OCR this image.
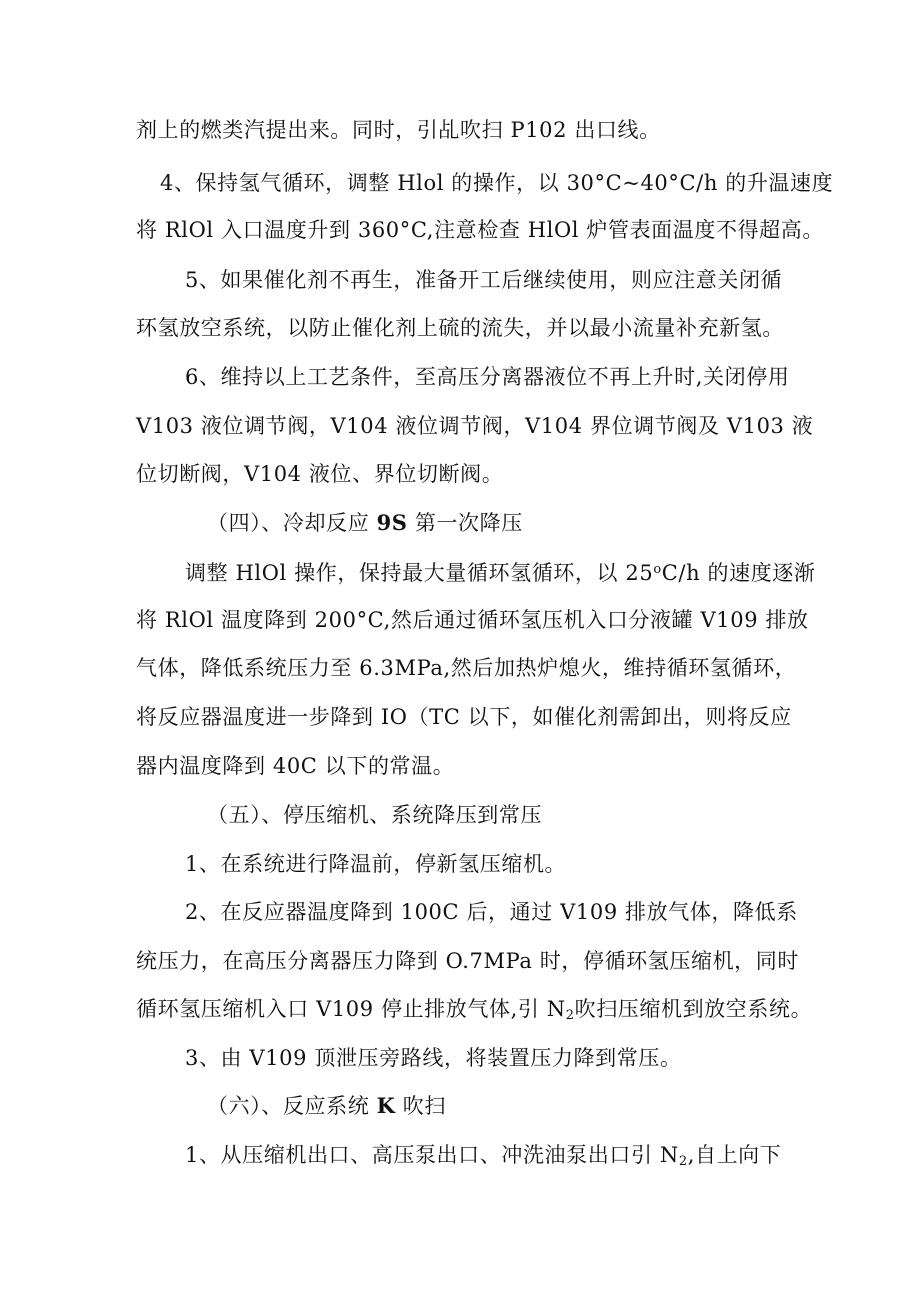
剂上的燃类汽提出来。同时，引乩吹扫 P102 出口线。
4、保持氢气循环，调整 Hlol 的操作，以 30°C~40°C/h 的升温速度
将 RlOl 入口温度升到 360°C,注意检查 HlOl 炉管表面温度不得超高。
5、如果催化剂不再生，准备开工后继续使用，则应注意关闭循
环氢放空系统，以防止催化剂上硫的流失，并以最小流量补充新氢。
6、维持以上工艺条件，至高压分离器液位不再上升时,关闭停用
V103 液位调节阀，V104 液位调节阀，V104 界位调节阀及 V103 液
位切断阀，V104 液位、界位切断阀。
（四）、冷却反应 9S 第一次降压
调整 HlOl 操作，保持最大量循环氢循环，以 25$^o$C/h 的速度逐渐
将 RlOl 温度降到 200°C,然后通过循环氢压机入口分液罐 V109 排放
气体，降低系统压力至 6.3MPa,然后加热炉熄火，维持循环氢循环，
将反应器温度进一步降到 IO（TC 以下，如催化剂需卸出，则将反应
器内温度降到 40C 以下的常温。
（五）、停压缩机、系统降压到常压
1、在系统进行降温前，停新氢压缩机。
2、在反应器温度降到 100C 后，通过 V109 排放气体，降低系
统压力，在高压分离器压力降到 O.7MPa 时，停循环氢压缩机，同时
循环氢压缩机入口 V109 停止排放气体,引 $N_2$吹扫压缩机到放空系统。
3、由 V109 顶泄压旁路线，将装置压力降到常压。
（六）、反应系统 K 吹扫
1、从压缩机出口、高压泵出口、冲洗油泵出口引 $N_2$,自上向下
